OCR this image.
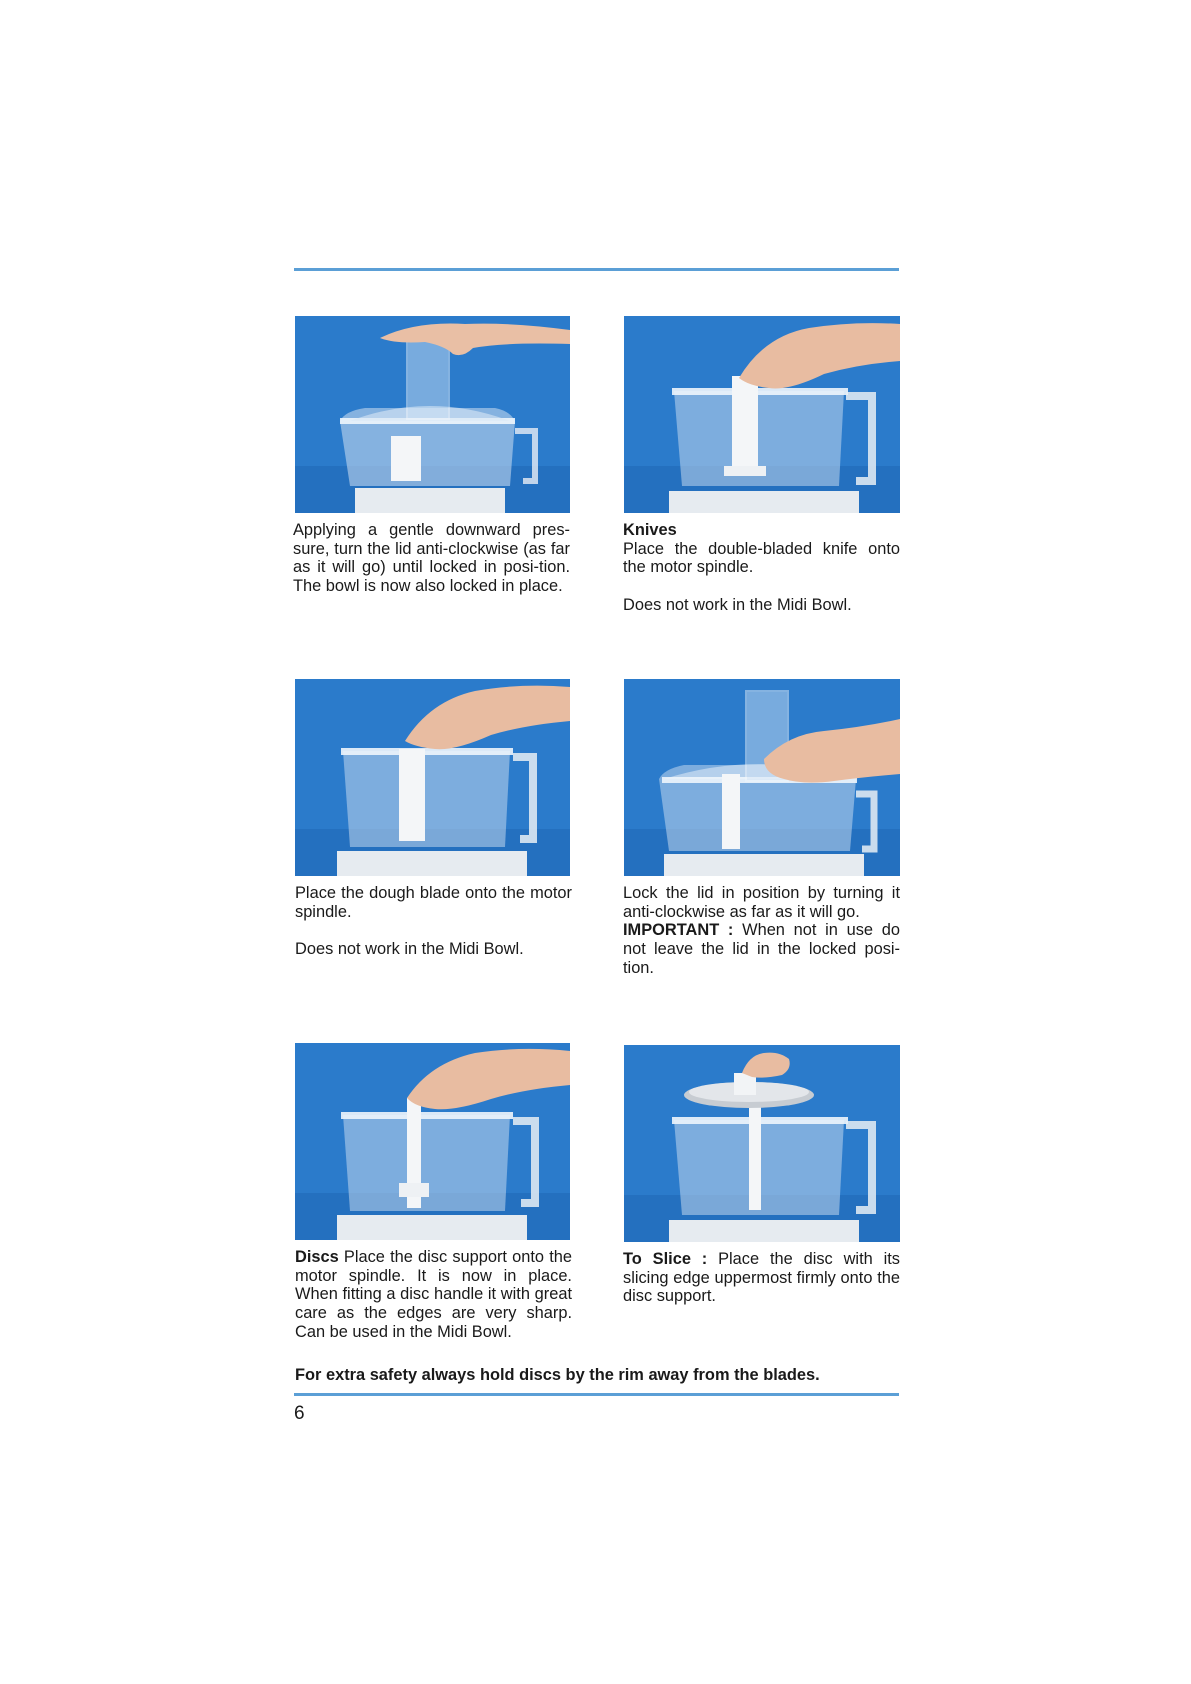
Applying a gentle downward pres-sure, turn the lid anti-clockwise (as far as it will go) until locked in posi-tion. The bowl is now also locked in place.

Knives

Place the double-bladed knife onto the motor spindle.

Does not work in the Midi Bowl.

Place the dough blade onto the motor spindle.

Does not work in the Midi Bowl.

Lock the lid in position by turning it anti-clockwise as far as it will go.

IMPORTANT : When not in use do not leave the lid in the locked posi-tion.

Discs Place the disc support onto the motor spindle. It is now in place. When fitting a disc handle it with great care as the edges are very sharp. Can be used in the Midi Bowl.

To Slice : Place the disc with its slicing edge uppermost firmly onto the disc support.

For extra safety always hold discs by the rim away from the blades.

6
